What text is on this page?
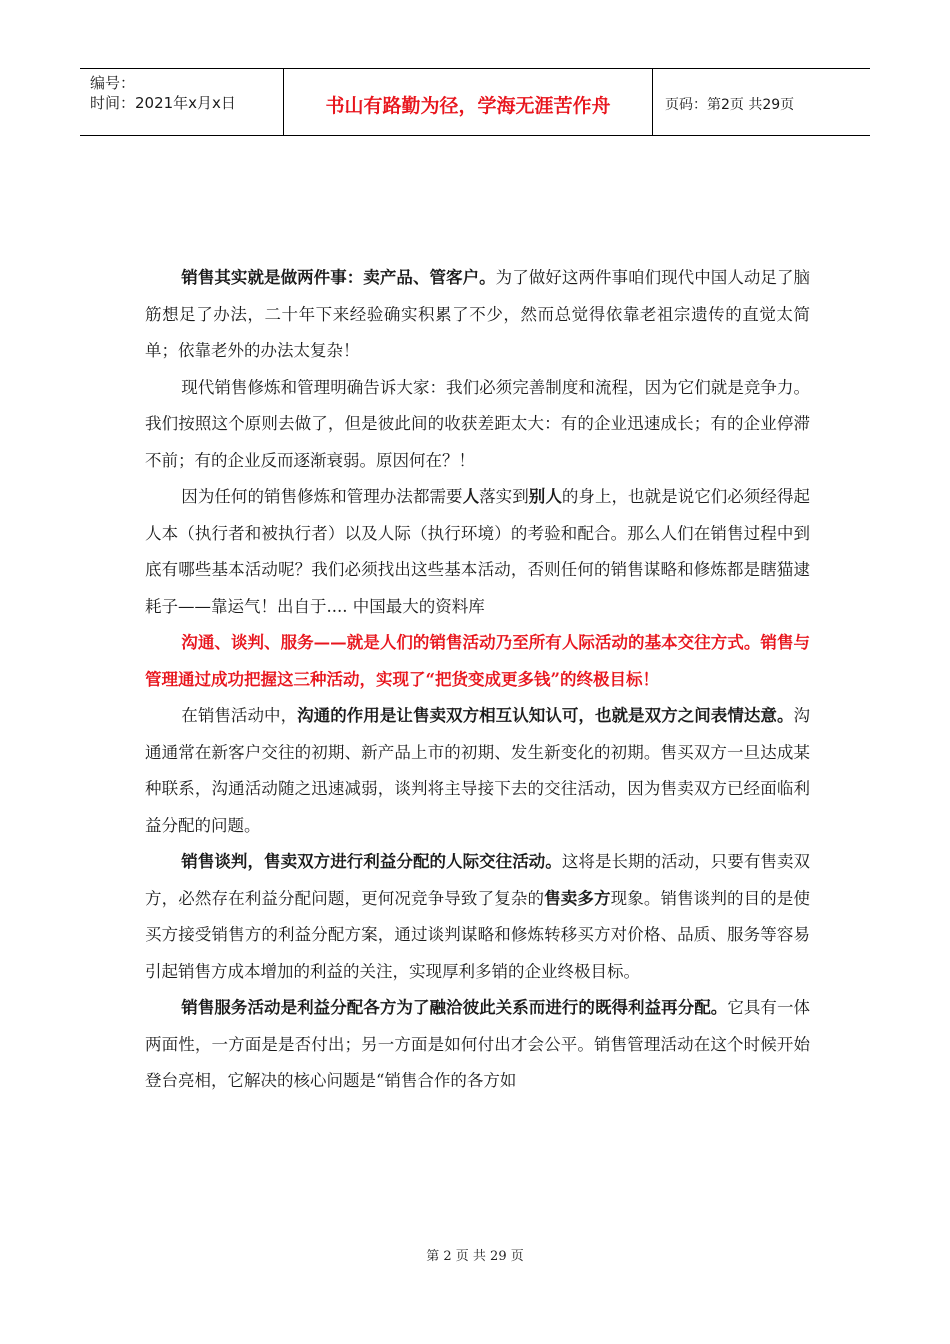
编号：
时间：2021年x月x日	书山有路勤为径，学海无涯苦作舟	页码：第2页 共29页

销售其实就是做两件事：卖产品、管客户。为了做好这两件事咱们现代中国人动足了脑筋想足了办法，二十年下来经验确实积累了不少，然而总觉得依靠老祖宗遗传的直觉太简单；依靠老外的办法太复杂！

现代销售修炼和管理明确告诉大家：我们必须完善制度和流程，因为它们就是竞争力。我们按照这个原则去做了，但是彼此间的收获差距太大：有的企业迅速成长；有的企业停滞不前；有的企业反而逐渐衰弱。原因何在？！

因为任何的销售修炼和管理办法都需要人落实到别人的身上，也就是说它们必须经得起人本（执行者和被执行者）以及人际（执行环境）的考验和配合。那么人们在销售过程中到底有哪些基本活动呢？我们必须找出这些基本活动，否则任何的销售谋略和修炼都是瞎猫逮耗子——靠运气！出自于.... 中国最大的资料库

沟通、谈判、服务——就是人们的销售活动乃至所有人际活动的基本交往方式。销售与管理通过成功把握这三种活动，实现了“把货变成更多钱”的终极目标！

在销售活动中，沟通的作用是让售卖双方相互认知认可，也就是双方之间表情达意。沟通通常在新客户交往的初期、新产品上市的初期、发生新变化的初期。售买双方一旦达成某种联系，沟通活动随之迅速减弱，谈判将主导接下去的交往活动，因为售卖双方已经面临利益分配的问题。

销售谈判，售卖双方进行利益分配的人际交往活动。这将是长期的活动，只要有售卖双方，必然存在利益分配问题，更何况竞争导致了复杂的售卖多方现象。销售谈判的目的是使买方接受销售方的利益分配方案，通过谈判谋略和修炼转移买方对价格、品质、服务等容易引起销售方成本增加的利益的关注，实现厚利多销的企业终极目标。

销售服务活动是利益分配各方为了融洽彼此关系而进行的既得利益再分配。它具有一体两面性，一方面是是否付出；另一方面是如何付出才会公平。销售管理活动在这个时候开始登台亮相，它解决的核心问题是“销售合作的各方如

第 2 页 共 29 页
